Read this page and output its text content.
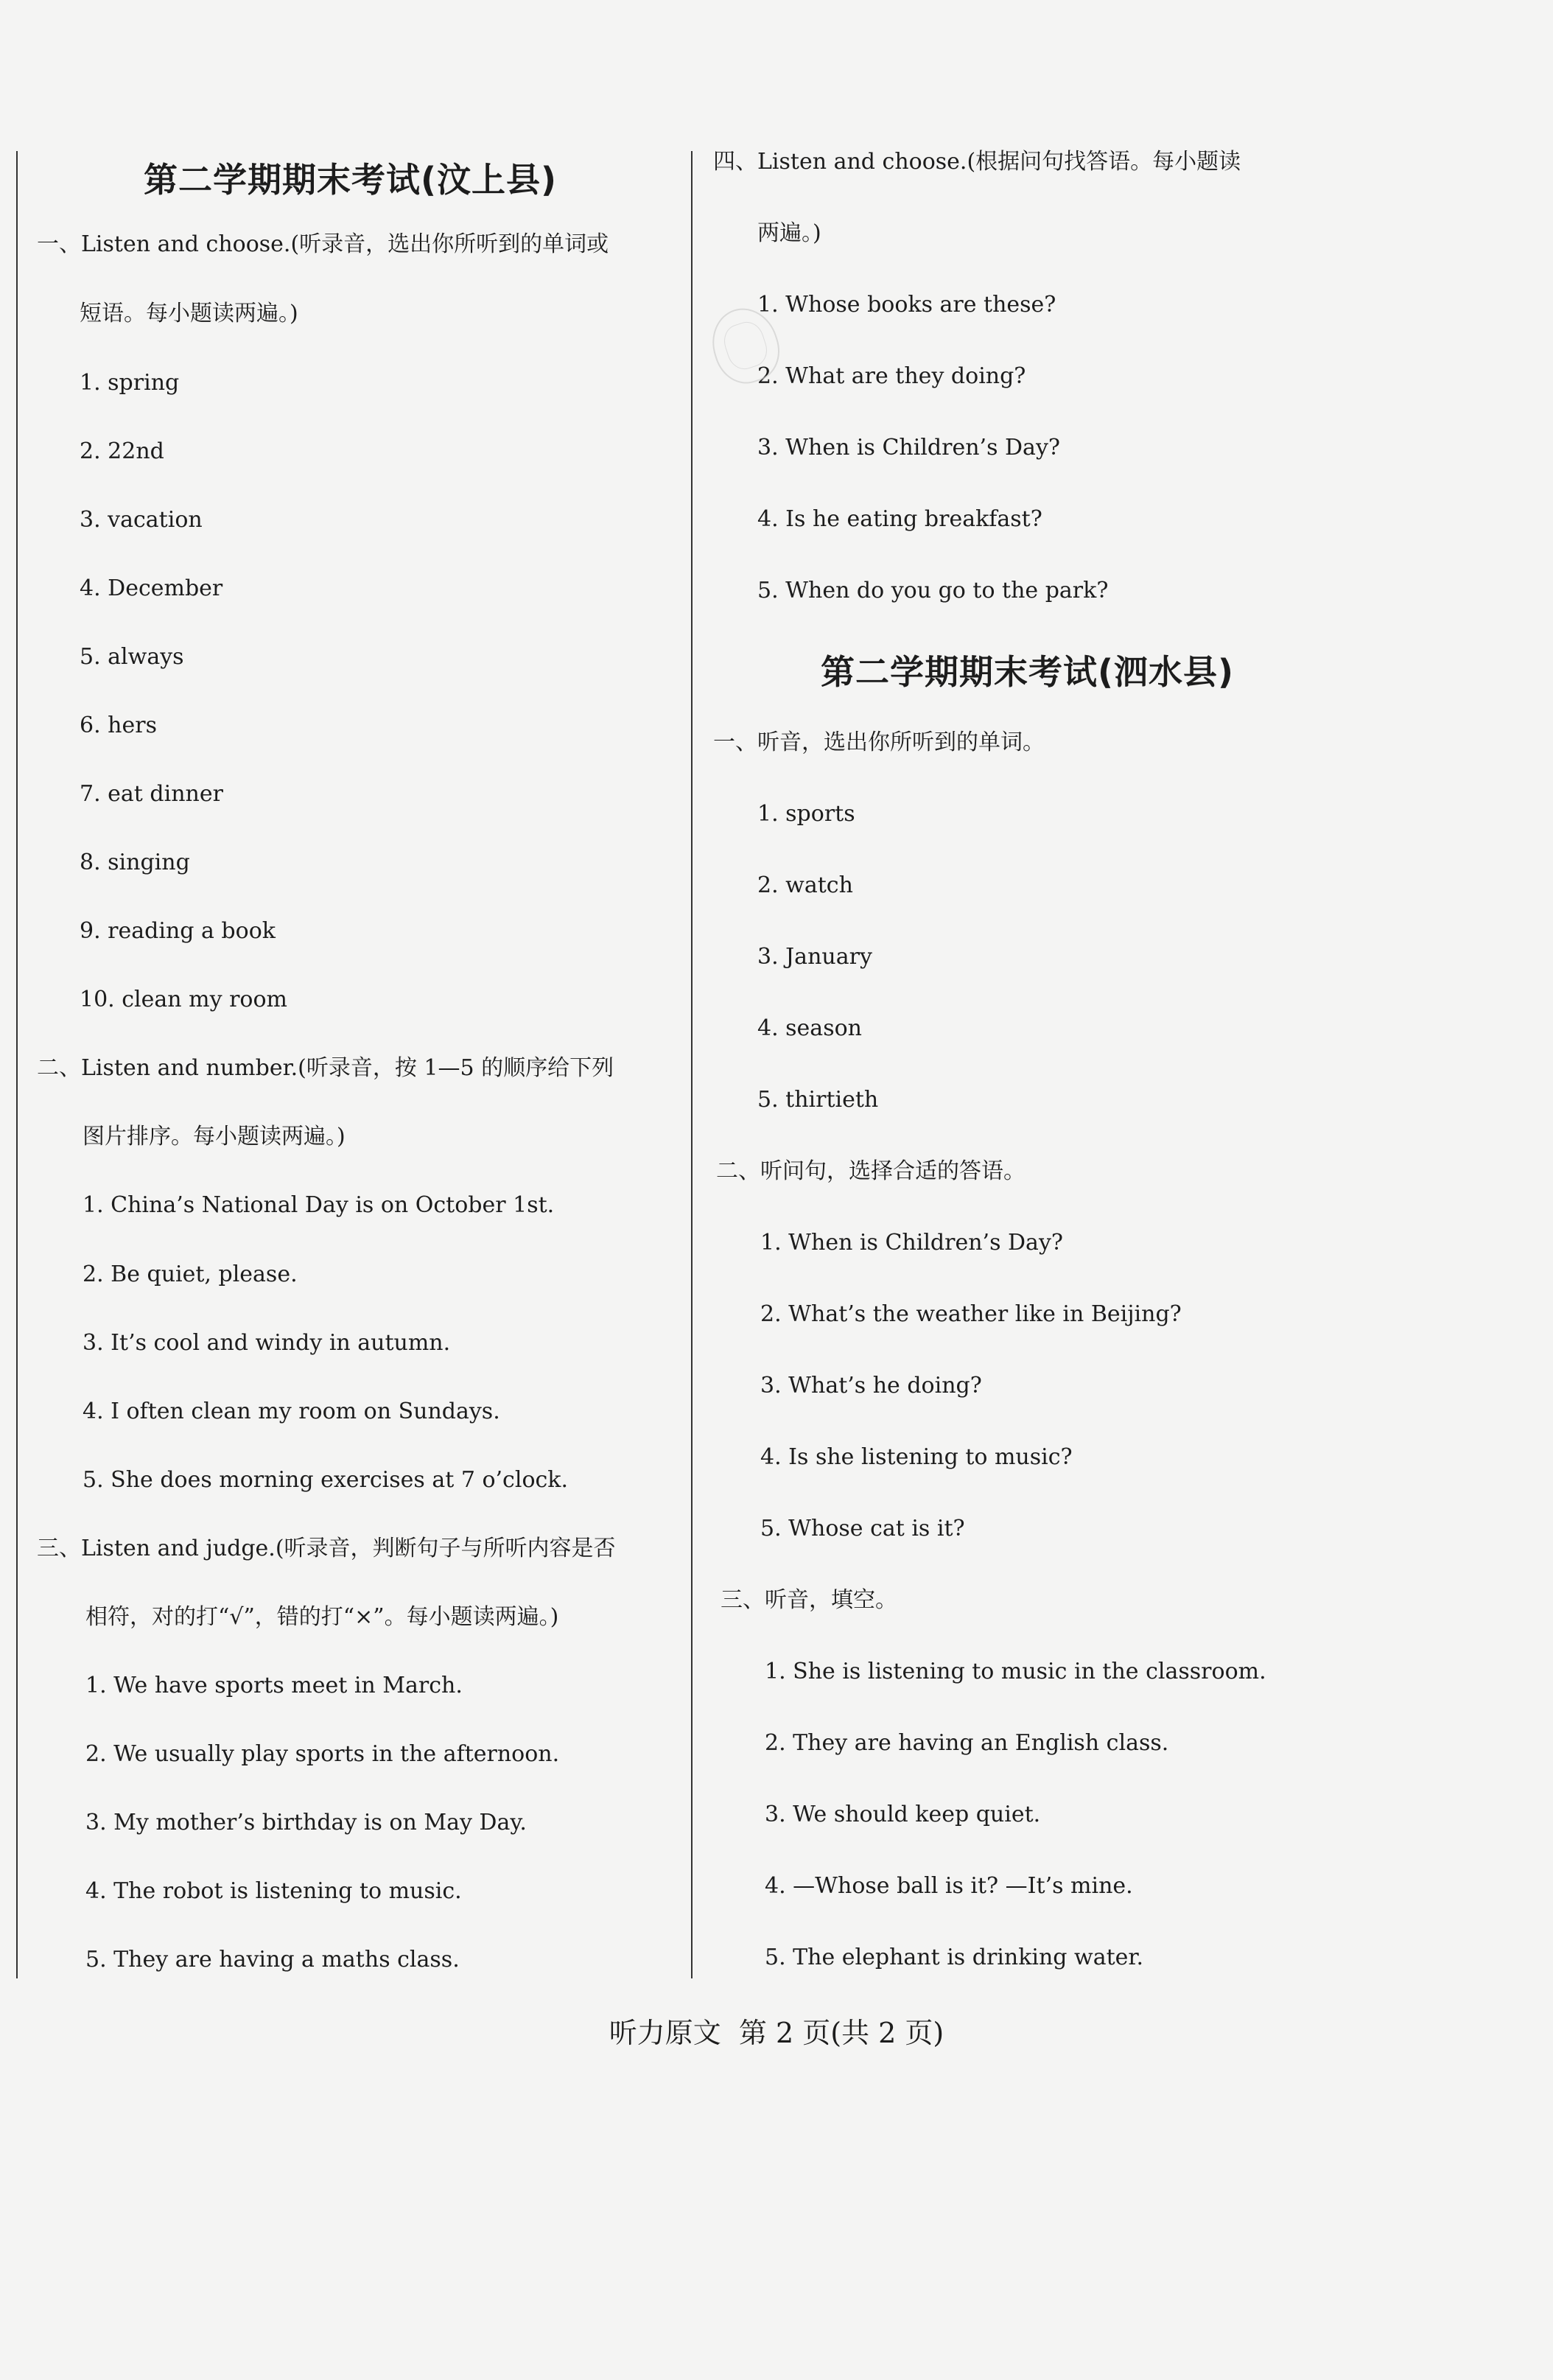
第二学期期末考试(汶上县)
一、Listen and choose.(听录音，选出你所听到的单词或
短语。每小题读两遍。)
1. spring
2. 22nd
3. vacation
4. December
5. always
6. hers
7. eat dinner
8. singing
9. reading a book
10. clean my room
二、Listen and number.(听录音，按 1—5 的顺序给下列
图片排序。每小题读两遍。)
1. China’s National Day is on October 1st.
2. Be quiet, please.
3. It’s cool and windy in autumn.
4. I often clean my room on Sundays.
5. She does morning exercises at 7 o’clock.
三、Listen and judge.(听录音，判断句子与所听内容是否
相符，对的打“√”，错的打“×”。每小题读两遍。)
1. We have sports meet in March.
2. We usually play sports in the afternoon.
3. My mother’s birthday is on May Day.
4. The robot is listening to music.
5. They are having a maths class.
四、Listen and choose.(根据问句找答语。每小题读
两遍。)
1. Whose books are these?
2. What are they doing?
3. When is Children’s Day?
4. Is he eating breakfast?
5. When do you go to the park?
第二学期期末考试(泗水县)
一、听音，选出你所听到的单词。
1. sports
2. watch
3. January
4. season
5. thirtieth
二、听问句，选择合适的答语。
1. When is Children’s Day?
2. What’s the weather like in Beijing?
3. What’s he doing?
4. Is she listening to music?
5. Whose cat is it?
三、听音，填空。
1. She is listening to music in the classroom.
2. They are having an English class.
3. We should keep quiet.
4. —Whose ball is it? —It’s mine.
5. The elephant is drinking water.
听力原文  第 2 页(共 2 页)
